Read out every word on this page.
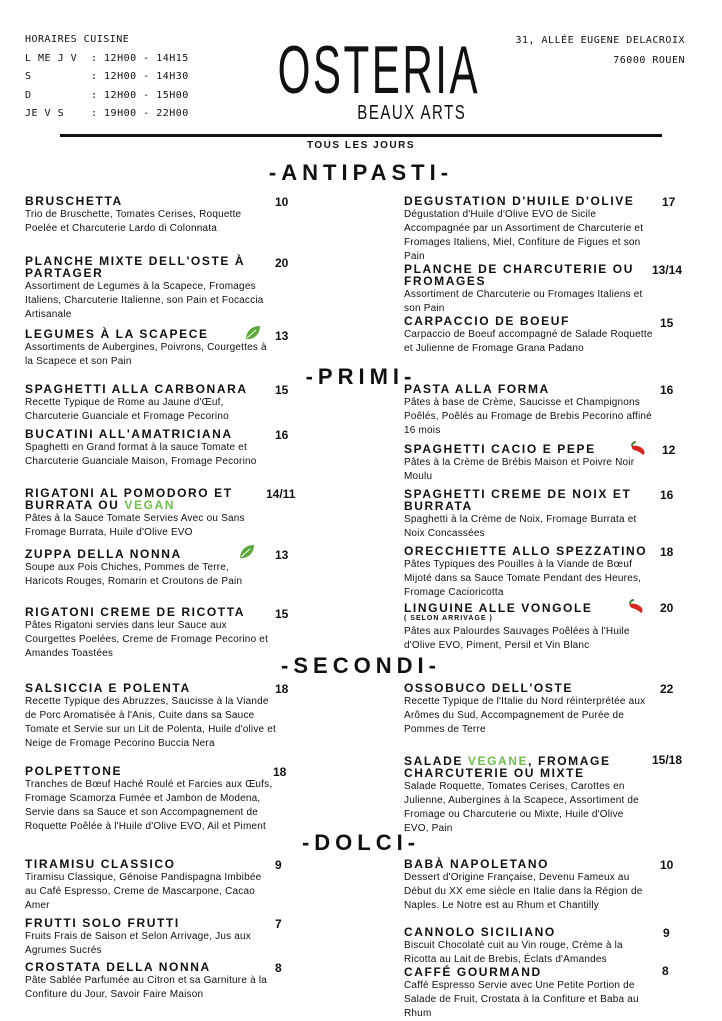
HORAIRES CUISINE
L ME J V	: 12H00 - 14H15
S	: 12H00 - 14H30
D	: 12H00 - 15H00
JE V S	: 19H00 - 22H00
OSTERIA
BEAUX ARTS
31, ALLÉE EUGENE DELACROIX
76000 ROUEN
TOUS LES JOURS
-ANTIPASTI-
BRUSCHETTA
Trio de Bruschette, Tomates Cerises, Roquette Poelée et Charcuterie Lardo di Colonnata
10
PLANCHE MIXTE DELL'OSTE À PARTAGER
Assortiment de Legumes à la Scapece, Fromages Italiens, Charcuterie Italienne, son Pain et Focaccia Artisanale
20
LEGUMES À LA SCAPECE
Assortiments de Aubergines, Poivrons, Courgettes à la Scapece et son Pain
13
DEGUSTATION D'HUILE D'OLIVE
Dégustation d'Huile d'Olive EVO de Sicile Accompagnée par un Assortiment de Charcuterie et Fromages Italiens, Miel, Confiture de Figues et son Pain
17
PLANCHE DE CHARCUTERIE OU FROMAGES
Assortiment de Charcuterie ou Fromages Italiens et son Pain
13/14
CARPACCIO DE BOEUF
Carpaccio de Boeuf accompagné de Salade Roquette et Julienne de Fromage Grana Padano
15
-PRIMI-
SPAGHETTI ALLA CARBONARA
Recette Typique de Rome au Jaune d'Œuf, Charcuterie Guanciale et Fromage Pecorino
15
BUCATINI ALL'AMATRICIANA
Spaghetti en Grand format à la sauce Tomate et Charcuterie Guanciale Maison, Fromage Pecorino
16
RIGATONI AL POMODORO ET
BURRATA OU VEGAN
Pâtes à la Sauce Tomate Servies Avec ou Sans Fromage Burrata, Huile d'Olive EVO
14/11
ZUPPA DELLA NONNA
Soupe aux Pois Chiches, Pommes de Terre, Haricots Rouges, Romarin et Croutons de Pain
13
RIGATONI CREME DE RICOTTA
Pâtes Rigatoni servies dans leur Sauce aux Courgettes Poelées, Creme de Fromage Pecorino et Amandes Toastées
15
PASTA ALLA FORMA
Pâtes à base de Crème, Saucisse et Champignons Poêlés, Poêlés au Fromage de Brebis Pecorino affiné 16 mois
16
SPAGHETTI CACIO E PEPE
Pâtes à la Crème de Brébis Maison et Poivre Noir Moulu
12
SPAGHETTI CREME DE NOIX ET BURRATA
Spaghetti à la Crème de Noix, Fromage Burrata et Noix Concassées
16
ORECCHIETTE ALLO SPEZZATINO
Pâtes Typiques des Pouilles à la Viande de Bœuf Mijoté dans sa Sauce Tomate Pendant des Heures, Fromage Cacioricotta
18
LINGUINE ALLE VONGOLE
( SELON ARRIVAGE )
Pâtes aux Palourdes Sauvages Poêlées à l'Huile d'Olive EVO, Piment, Persil et Vin Blanc
20
-SECONDI-
SALSICCIA E POLENTA
Recette Typique des Abruzzes, Saucisse à la Viande de Porc Aromatisée à l'Anis, Cuite dans sa Sauce Tomate et Servie sur un Lit de Polenta, Huile d'olive et Neige de Fromage Pecorino Buccia Nera
18
POLPETTONE
Tranches de Bœuf Haché Roulé et Farcies aux Œufs, Fromage Scamorza Fumée et Jambon de Modena, Servie dans sa Sauce et son Accompagnement de Roquette Poêlée à l'Huile d'Olive EVO, Ail et Piment
18
OSSOBUCO DELL'OSTE
Recette Typique de l'Italie du Nord réinterprétée aux Arômes du Sud, Accompagnement de Purée de Pommes de Terre
22
SALADE VEGANE, FROMAGE
CHARCUTERIE OU MIXTE
Salade Roquette, Tomates Cerises, Carottes en Julienne, Aubergines à la Scapece, Assortiment de Fromage ou Charcuterie ou Mixte, Huile d'Olive EVO, Pain
15/18
-DOLCI-
TIRAMISU CLASSICO
Tiramisu Classique, Génoise Pandispagna Imbibée au Café Espresso, Creme de Mascarpone, Cacao Amer
9
FRUTTI SOLO FRUTTI
Fruits Frais de Saison et Selon Arrivage, Jus aux Agrumes Sucrés
7
CROSTATA DELLA NONNA
Pâte Sablée Parfumée au Citron et sa Garniture à la Confiture du Jour, Savoir Faire Maison
8
BABÀ NAPOLETANO
Dessert d'Origine Française, Devenu Fameux au Début du XX eme siècle en Italie dans la Région de Naples. Le Notre est au Rhum et Chantilly
10
CANNOLO SICILIANO
Biscuit Chocolaté cuit au Vin rouge, Crème à la Ricotta au Lait de Brebis, Éclats d'Amandes
9
CAFFÉ GOURMAND
Caffé Espresso Servie avec Une Petite Portion de Salade de Fruit, Crostata à la Confiture et Baba au Rhum
8
